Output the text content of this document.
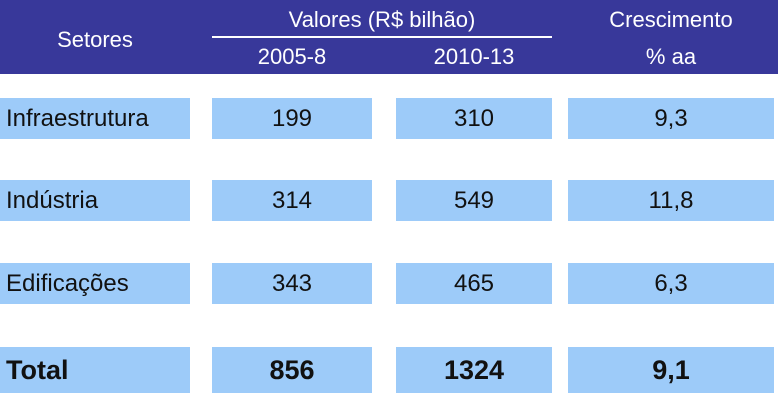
Setores
Valores (R$ bilhão)
2005-8	2010-13
Crescimento
% aa
Infraestrutura	199	310	9,3
Indústria	314	549	11,8
Edificações	343	465	6,3
Total	856	1324	9,1
